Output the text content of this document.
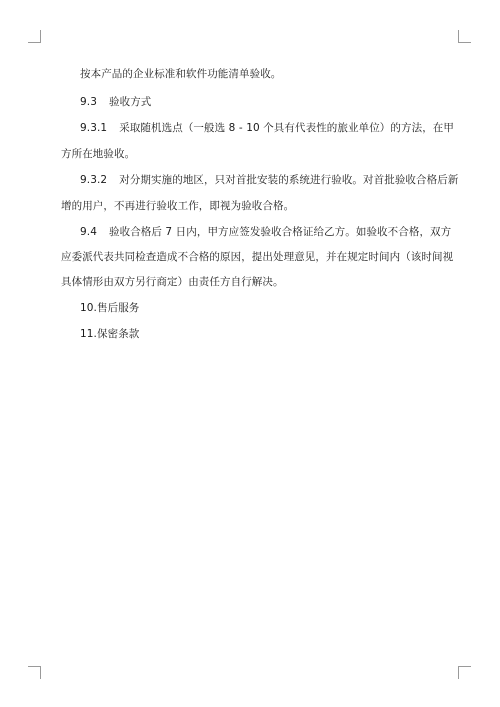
按本产品的企业标准和软件功能清单验收。
9.3 验收方式
9.3.1 采取随机选点（一般选 8 - 10 个具有代表性的旅业单位）的方法，在甲
方所在地验收。
9.3.2 对分期实施的地区，只对首批安装的系统进行验收。对首批验收合格后新
增的用户，不再进行验收工作，即视为验收合格。
9.4 验收合格后 7 日内，甲方应签发验收合格证给乙方。如验收不合格，双方
应委派代表共同检查造成不合格的原因，提出处理意见，并在规定时间内（该时间视
具体情形由双方另行商定）由责任方自行解决。
10.售后服务
11.保密条款
